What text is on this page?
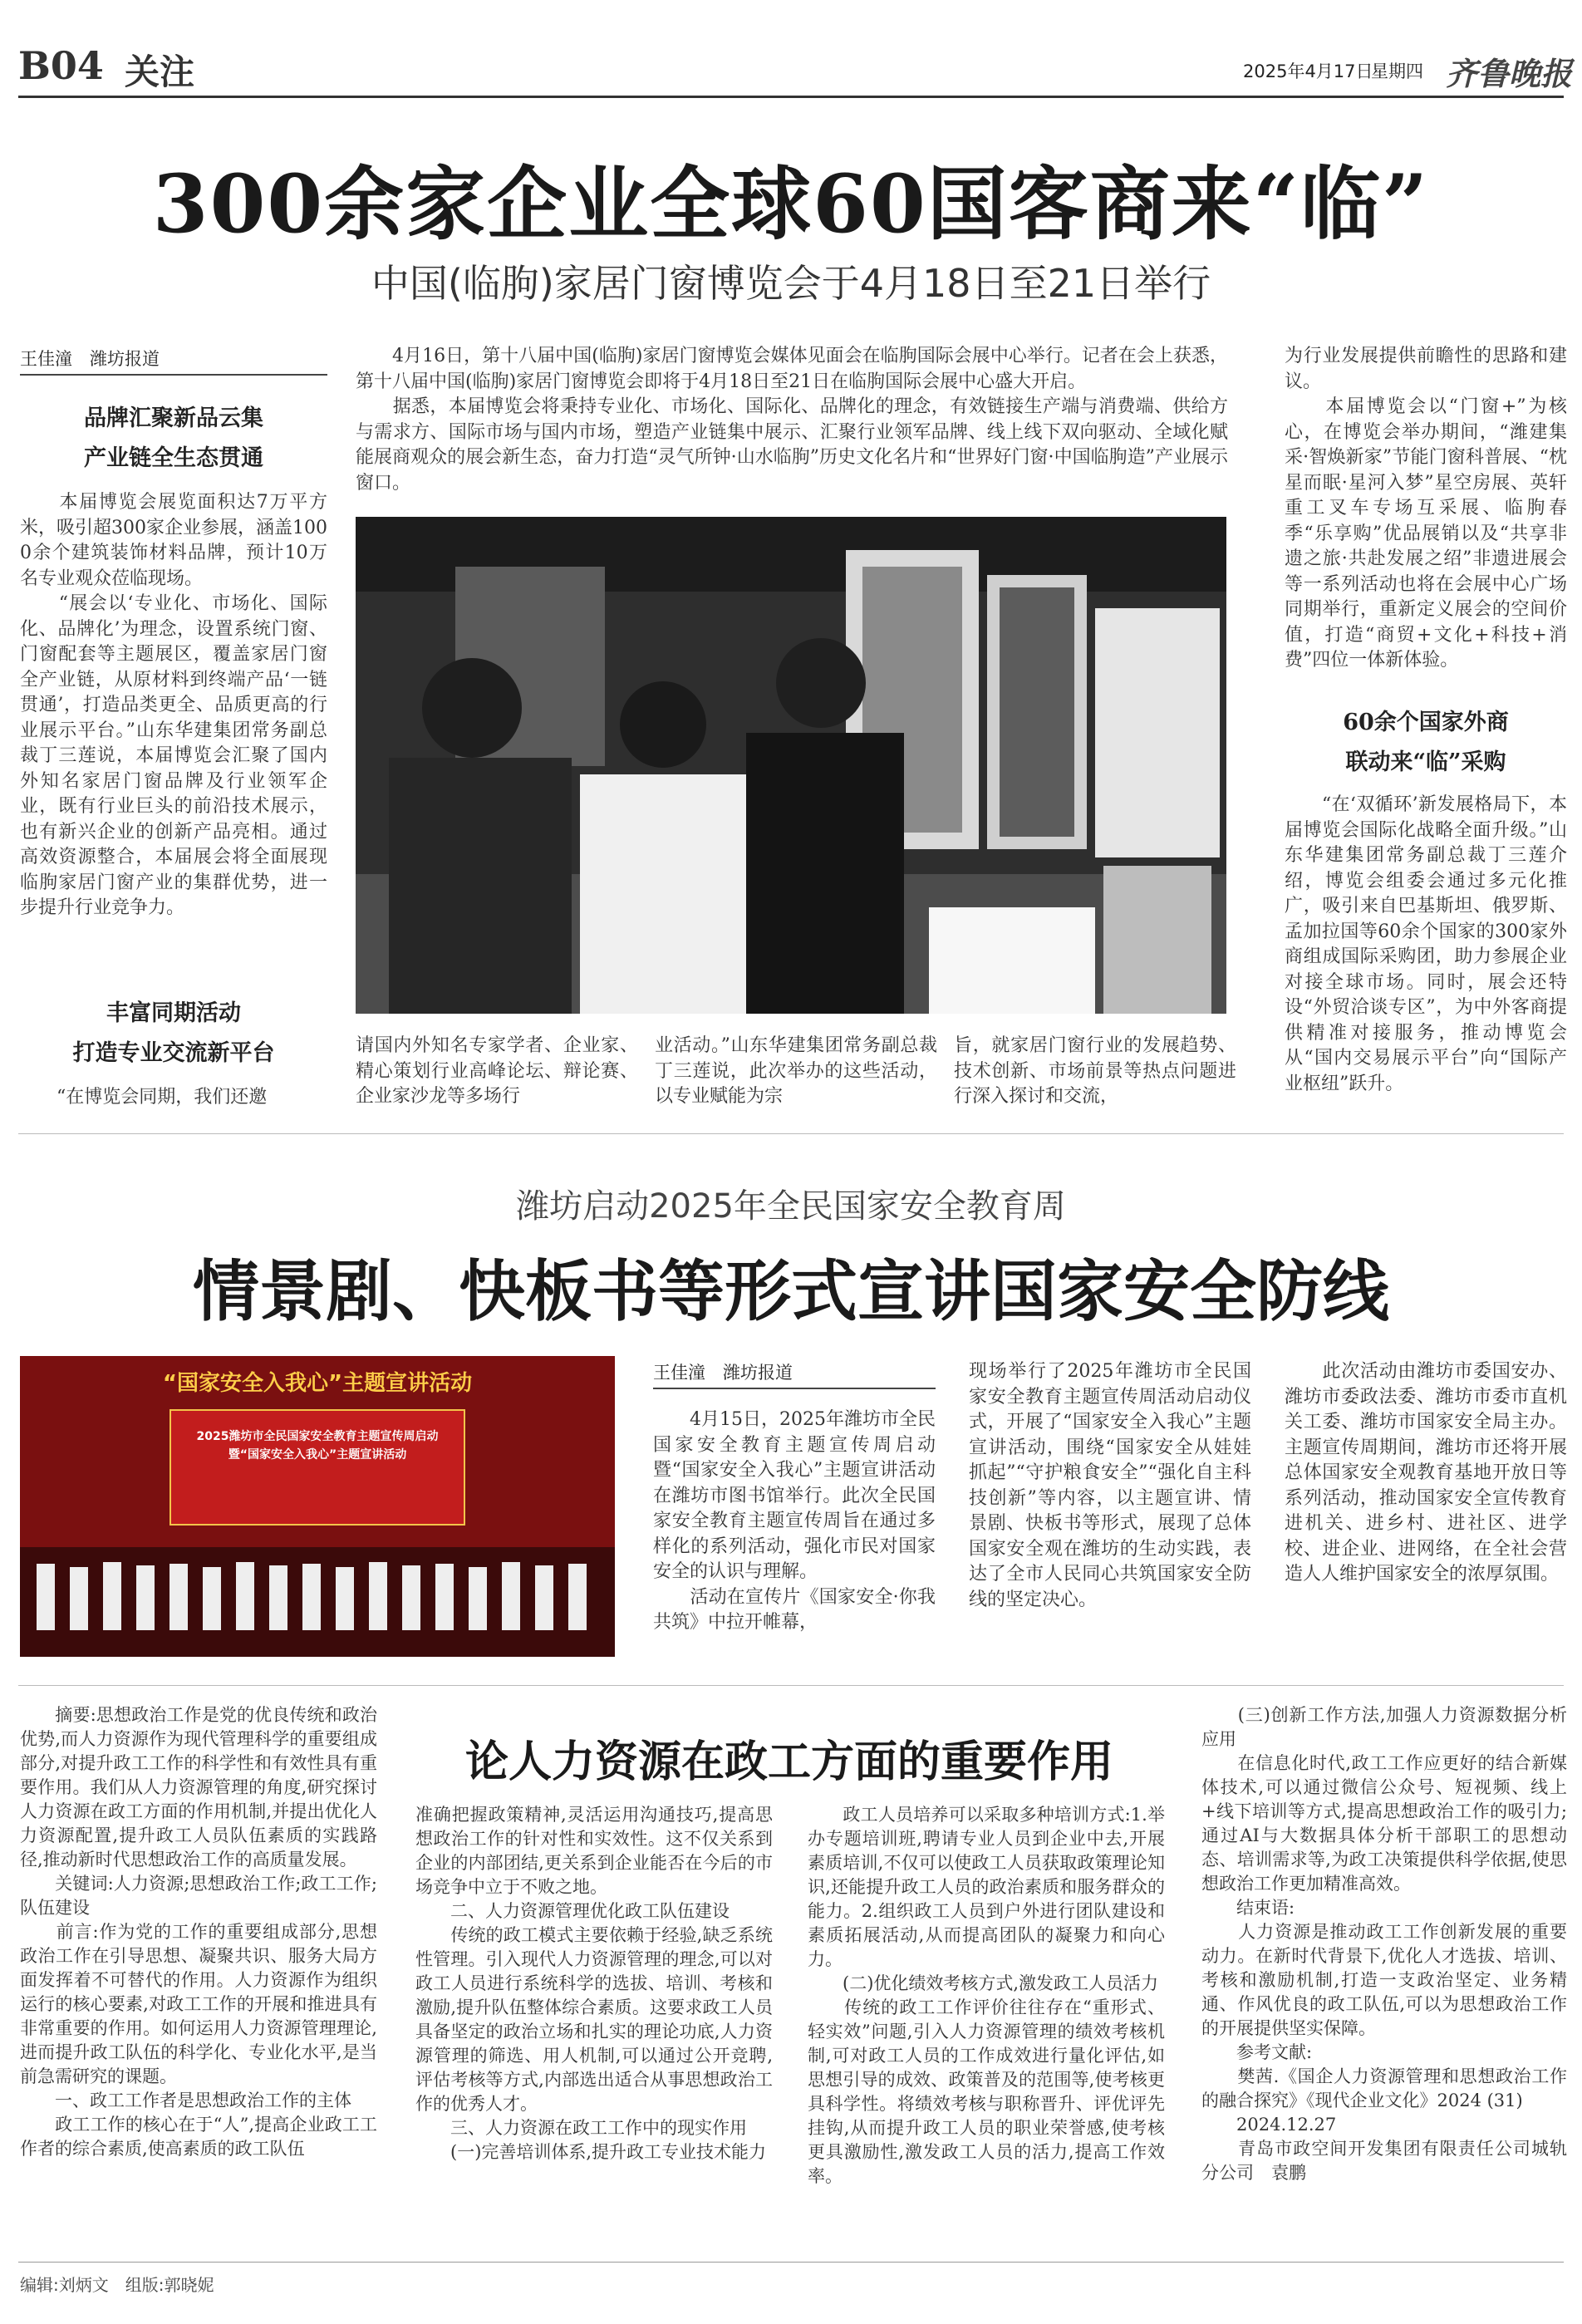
B04 关注	2025年4月17日
星期四 齐鲁晚报
300余家企业全球60国客商来“临”
中国(临朐)家居门窗博览会于4月18日至21日举行
王佳潼　潍坊报道
品牌汇聚新品云集
产业链全生态贯通
　　本届博览会展览面积达7万平方米，吸引超300家企业参展，涵盖1000余个建筑装饰材料品牌，预计10万名专业观众莅临现场。
　　“展会以‘专业化、市场化、国际化、品牌化’为理念，设置系统门窗、门窗配套等主题展区，覆盖家居门窗全产业链，从原材料到终端产品‘一链贯通’，打造品类更全、品质更高的行业展示平台。”山东华建集团常务副总裁丁三莲说，本届博览会汇聚了国内外知名家居门窗品牌及行业领军企业，既有行业巨头的前沿技术展示，也有新兴企业的创新产品亮相。通过高效资源整合，本届展会将全面展现临朐家居门窗产业的集群优势，进一步提升行业竞争力。
丰富同期活动
打造专业交流新平台
　　“在博览会同期，我们还邀
　　4月16日，第十八届中国(临朐)家居门窗博览会媒体见面会在临朐国际会展中心举行。记者在会上获悉，第十八届中国(临朐)家居门窗博览会即将于4月18日至21日在临朐国际会展中心盛大开启。
　　据悉，本届博览会将秉持专业化、市场化、国际化、品牌化的理念，有效链接生产端与消费端、供给方与需求方、国际市场与国内市场，塑造产业链集中展示、汇聚行业领军品牌、线上线下双向驱动、全域化赋能展商观众的展会新生态，奋力打造“灵气所钟·山水临朐”历史文化名片和“世界好门窗·中国临朐造”产业展示窗口。
请国内外知名专家学者、企业家、精心策划行业高峰论坛、辩论赛、企业家沙龙等多场行
业活动。”山东华建集团常务副总裁丁三莲说，此次举办的这些活动，以专业赋能为宗
旨，就家居门窗行业的发展趋势、技术创新、市场前景等热点问题进行深入探讨和交流，
为行业发展提供前瞻性的思路和建议。
　　本届博览会以“门窗+”为核心，在博览会举办期间，“潍建集采·智焕新家”节能门窗科普展、“枕星而眠·星河入梦”星空房展、英轩重工叉车专场互采展、临朐春季“乐享购”优品展销以及“共享非遗之旅·共赴发展之绍”非遗进展会等一系列活动也将在会展中心广场同期举行，重新定义展会的空间价值，打造“商贸+文化+科技+消费”四位一体新体验。
60余个国家外商
联动来“临”采购
　　“在‘双循环’新发展格局下，本届博览会国际化战略全面升级。”山东华建集团常务副总裁丁三莲介绍，博览会组委会通过多元化推广，吸引来自巴基斯坦、俄罗斯、孟加拉国等60余个国家的300家外商组成国际采购团，助力参展企业对接全球市场。同时，展会还特设“外贸洽谈专区”，为中外客商提供精准对接服务，推动博览会从“国内交易展示平台”向“国际产业枢纽”跃升。
潍坊启动2025年全民国家安全教育周
情景剧、快板书等形式宣讲国家安全防线
“国家安全入我心”主题宣讲活动
2025潍坊市全民国家安全教育主题宣传周启动
暨“国家安全入我心”主题宣讲活动
王佳潼　潍坊报道
　　4月15日，2025年潍坊市全民国家安全教育主题宣传周启动暨“国家安全入我心”主题宣讲活动在潍坊市图书馆举行。此次全民国家安全教育主题宣传周旨在通过多样化的系列活动，强化市民对国家安全的认识与理解。
　　活动在宣传片《国家安全·你我共筑》中拉开帷幕，
现场举行了2025年潍坊市全民国家安全教育主题宣传周活动启动仪式，开展了“国家安全入我心”主题宣讲活动，围绕“国家安全从娃娃抓起”“守护粮食安全”“强化自主科技创新”等内容，以主题宣讲、情景剧、快板书等形式，展现了总体国家安全观在潍坊的生动实践，表达了全市人民同心共筑国家安全防线的坚定决心。
　　此次活动由潍坊市委国安办、潍坊市委政法委、潍坊市委市直机关工委、潍坊市国家安全局主办。主题宣传周期间，潍坊市还将开展总体国家安全观教育基地开放日等系列活动，推动国家安全宣传教育进机关、进乡村、进社区、进学校、进企业、进网络，在全社会营造人人维护国家安全的浓厚氛围。
论人力资源在政工方面的重要作用
　　摘要:思想政治工作是党的优良传统和政治优势,而人力资源作为现代管理科学的重要组成部分,对提升政工工作的科学性和有效性具有重要作用。我们从人力资源管理的角度,研究探讨人力资源在政工方面的作用机制,并提出优化人力资源配置,提升政工人员队伍素质的实践路径,推动新时代思想政治工作的高质量发展。
　　关键词:人力资源;思想政治工作;政工工作;队伍建设
　　前言:作为党的工作的重要组成部分,思想政治工作在引导思想、凝聚共识、服务大局方面发挥着不可替代的作用。人力资源作为组织运行的核心要素,对政工工作的开展和推进具有非常重要的作用。如何运用人力资源管理理论,进而提升政工队伍的科学化、专业化水平,是当前急需研究的课题。
　　一、政工工作者是思想政治工作的主体
　　政工工作的核心在于“人”,提高企业政工工作者的综合素质,使高素质的政工队伍
准确把握政策精神,灵活运用沟通技巧,提高思想政治工作的针对性和实效性。这不仅关系到企业的内部团结,更关系到企业能否在今后的市场竞争中立于不败之地。
　　二、人力资源管理优化政工队伍建设
　　传统的政工模式主要依赖于经验,缺乏系统性管理。引入现代人力资源管理的理念,可以对政工人员进行系统科学的选拔、培训、考核和激励,提升队伍整体综合素质。这要求政工人员具备坚定的政治立场和扎实的理论功底,人力资源管理的筛选、用人机制,可以通过公开竞聘,评估考核等方式,内部选出适合从事思想政治工作的优秀人才。
　　三、人力资源在政工工作中的现实作用
　　(一)完善培训体系,提升政工专业技术能力
　　政工人员培养可以采取多种培训方式:1.举办专题培训班,聘请专业人员到企业中去,开展素质培训,不仅可以使政工人员获取政策理论知识,还能提升政工人员的政治素质和服务群众的能力。2.组织政工人员到户外进行团队建设和素质拓展活动,从而提高团队的凝聚力和向心力。
　　(二)优化绩效考核方式,激发政工人员活力
　　传统的政工工作评价往往存在“重形式、轻实效”问题,引入人力资源管理的绩效考核机制,可对政工人员的工作成效进行量化评估,如思想引导的成效、政策普及的范围等,使考核更具科学性。将绩效考核与职称晋升、评优评先挂钩,从而提升政工人员的职业荣誉感,使考核更具激励性,激发政工人员的活力,提高工作效率。
　　(三)创新工作方法,加强人力资源数据分析应用
　　在信息化时代,政工工作应更好的结合新媒体技术,可以通过微信公众号、短视频、线上+线下培训等方式,提高思想政治工作的吸引力;通过AI与大数据具体分析干部职工的思想动态、培训需求等,为政工决策提供科学依据,使思想政治工作更加精准高效。
　　结束语:
　　人力资源是推动政工工作创新发展的重要动力。在新时代背景下,优化人才选拔、培训、考核和激励机制,打造一支政治坚定、业务精通、作风优良的政工队伍,可以为思想政治工作的开展提供坚实保障。
　　参考文献:
　　樊茜.《国企人力资源管理和思想政治工作的融合探究》《现代企业文化》2024 (31)
　　2024.12.27
　　青岛市政空间开发集团有限责任公司城轨分公司　袁鹏
编辑:刘炳文　组版:郭晓妮
